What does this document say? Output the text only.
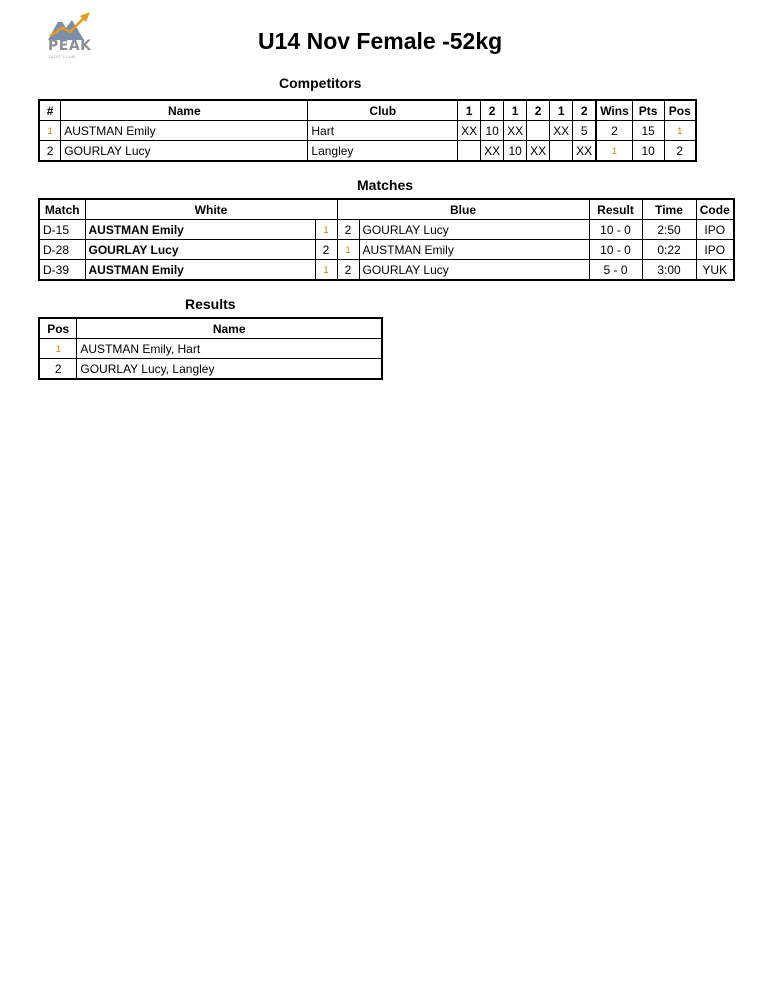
PEAK
JUDO CLUB
U14 Nov Female -52kg
Competitors
#	Name	Club	1	2	1	2	1	2	Wins	Pts	Pos
1	AUSTMAN Emily	Hart	XX	10	XX		XX	5	2	15	1
2	GOURLAY Lucy	Langley		XX	10	XX		XX	1	10	2
Matches
Match	White		Blue		Result	Time	Code
D-15	AUSTMAN Emily	1	2	GOURLAY Lucy	10 - 0	2:50	IPO
D-28	GOURLAY Lucy	2	1	AUSTMAN Emily	10 - 0	0:22	IPO
D-39	AUSTMAN Emily	1	2	GOURLAY Lucy	5 - 0	3:00	YUK
Results
Pos	Name
1	AUSTMAN Emily, Hart
2	GOURLAY Lucy, Langley
